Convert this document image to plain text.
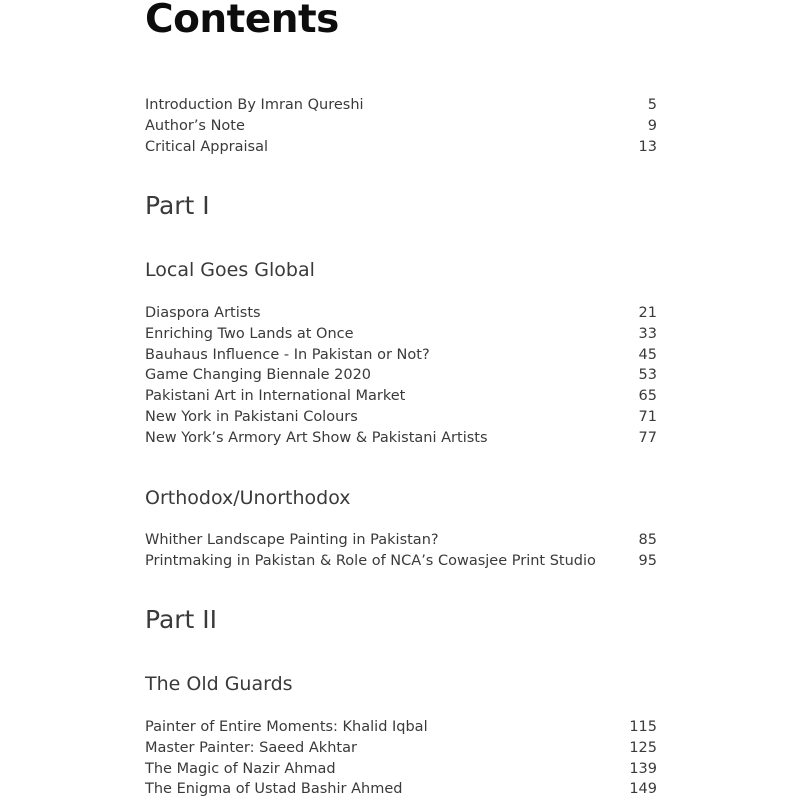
Contents
Introduction By Imran Qureshi	5
Author’s Note	9
Critical Appraisal	13
Part I
Local Goes Global
Diaspora Artists	21
Enriching Two Lands at Once	33
Bauhaus Influence - In Pakistan or Not?	45
Game Changing Biennale 2020	53
Pakistani Art in International Market	65
New York in Pakistani Colours	71
New York’s Armory Art Show & Pakistani Artists	77
Orthodox/Unorthodox
Whither Landscape Painting in Pakistan?	85
Printmaking in Pakistan & Role of NCA’s Cowasjee Print Studio	95
Part II
The Old Guards
Painter of Entire Moments: Khalid Iqbal	115
Master Painter: Saeed Akhtar	125
The Magic of Nazir Ahmad	139
The Enigma of Ustad Bashir Ahmed	149
